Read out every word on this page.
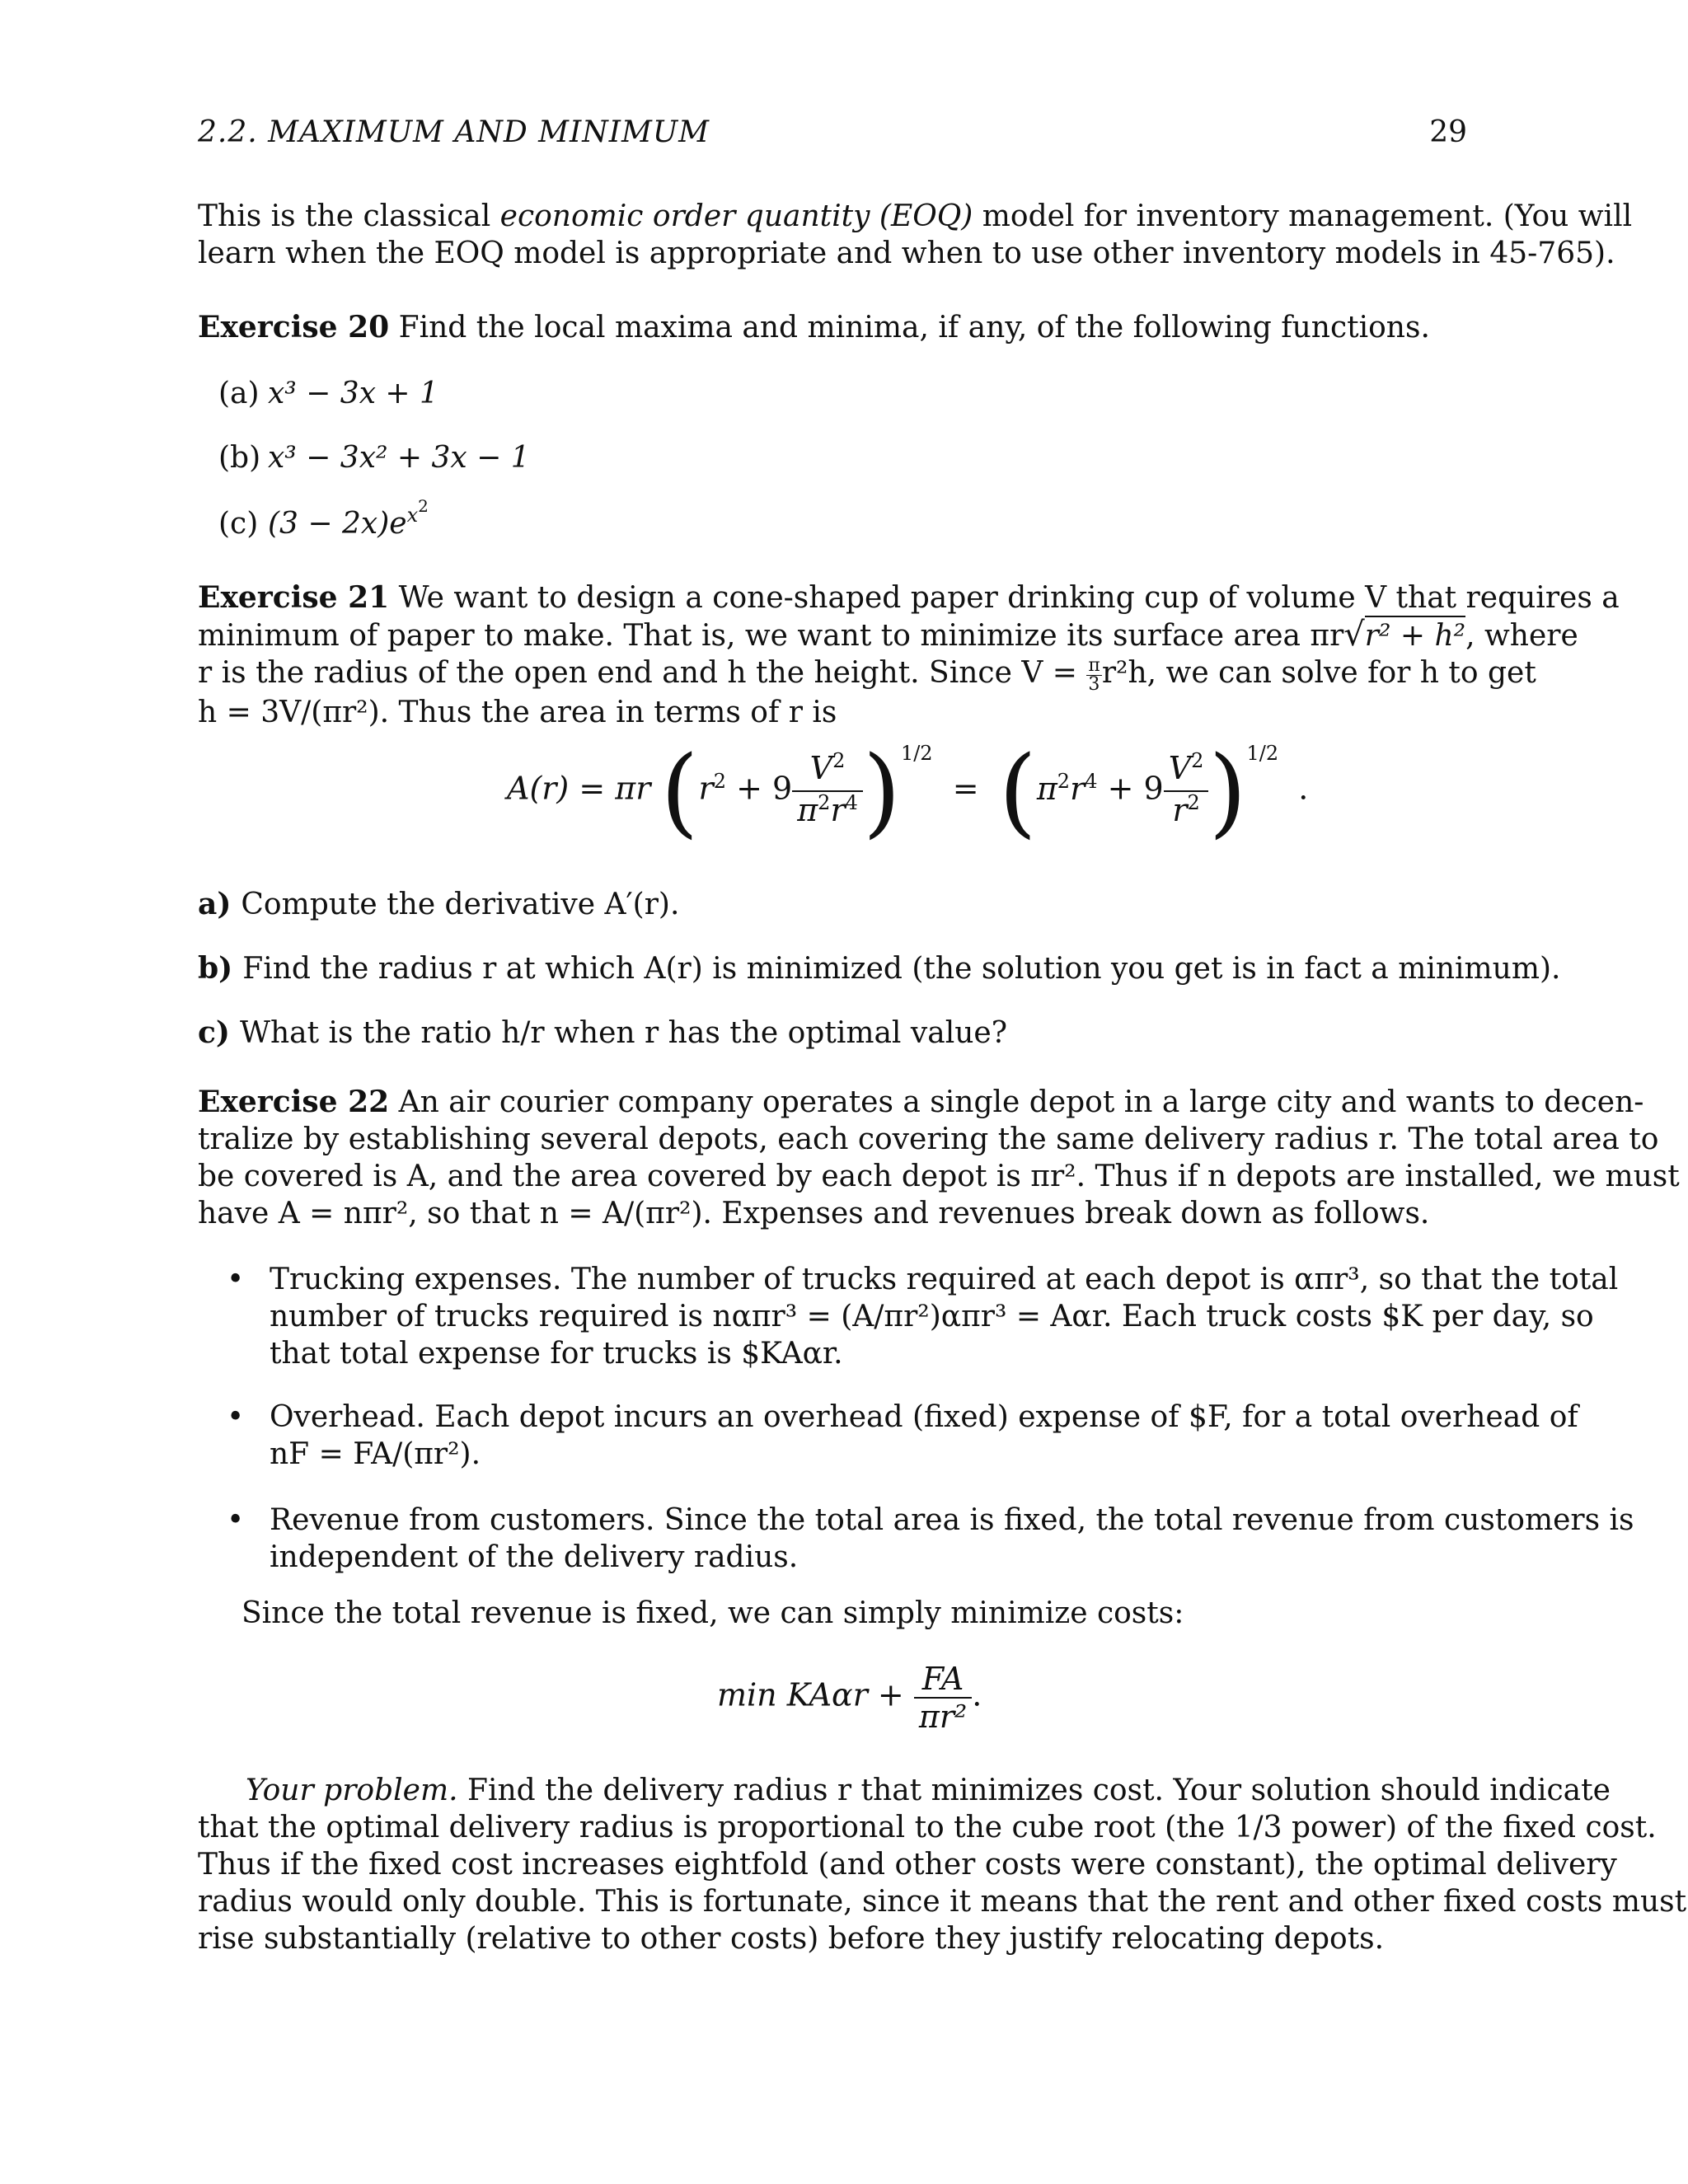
2.2. MAXIMUM AND MINIMUM	29
This is the classical economic order quantity (EOQ) model for inventory management. (You will
learn when the EOQ model is appropriate and when to use other inventory models in 45-765).
Exercise 20 Find the local maxima and minima, if any, of the following functions.
(a) x³ − 3x + 1
(b) x³ − 3x² + 3x − 1
(c) $(3 - 2x)e^{x^2}$
Exercise 21 We want to design a cone-shaped paper drinking cup of volume V that requires a
minimum of paper to make. That is, we want to minimize its surface area πr√r² + h², where
r is the radius of the open end and h the height. Since $V = \frac{\pi}{3} r^2h$, we can solve for h to get
h = 3V/(πr²). Thus the area in terms of r is
A(r) = πr $(r^2 + 9 \frac{V^2}{\pi^2r^4} )^{1/2} = (\pi^2r^4 + 9 \frac{V^2}{r^2} )^{1/2}$  .
a) Compute the derivative A′(r).
b) Find the radius r at which A(r) is minimized (the solution you get is in fact a minimum).
c) What is the ratio h/r when r has the optimal value?
Exercise 22 An air courier company operates a single depot in a large city and wants to decen-
tralize by establishing several depots, each covering the same delivery radius r. The total area to
be covered is A, and the area covered by each depot is πr². Thus if n depots are installed, we must
have A = nπr², so that n = A/(πr²). Expenses and revenues break down as follows.
• Trucking expenses. The number of trucks required at each depot is απr³, so that the total
number of trucks required is nαπr³ = (A/πr²)απr³ = Aαr. Each truck costs $K per day, so
that total expense for trucks is $KAαr.
• Overhead. Each depot incurs an overhead (fixed) expense of $F, for a total overhead of
nF = FA/(πr²).
• Revenue from customers. Since the total area is fixed, the total revenue from customers is
independent of the delivery radius.
Since the total revenue is fixed, we can simply minimize costs:
$\min KA\alpha r + \frac{FA}{\text{πr²}}$ .
Your problem. Find the delivery radius r that minimizes cost. Your solution should indicate
that the optimal delivery radius is proportional to the cube root (the 1/3 power) of the fixed cost.
Thus if the fixed cost increases eightfold (and other costs were constant), the optimal delivery
radius would only double. This is fortunate, since it means that the rent and other fixed costs must
rise substantially (relative to other costs) before they justify relocating depots.
